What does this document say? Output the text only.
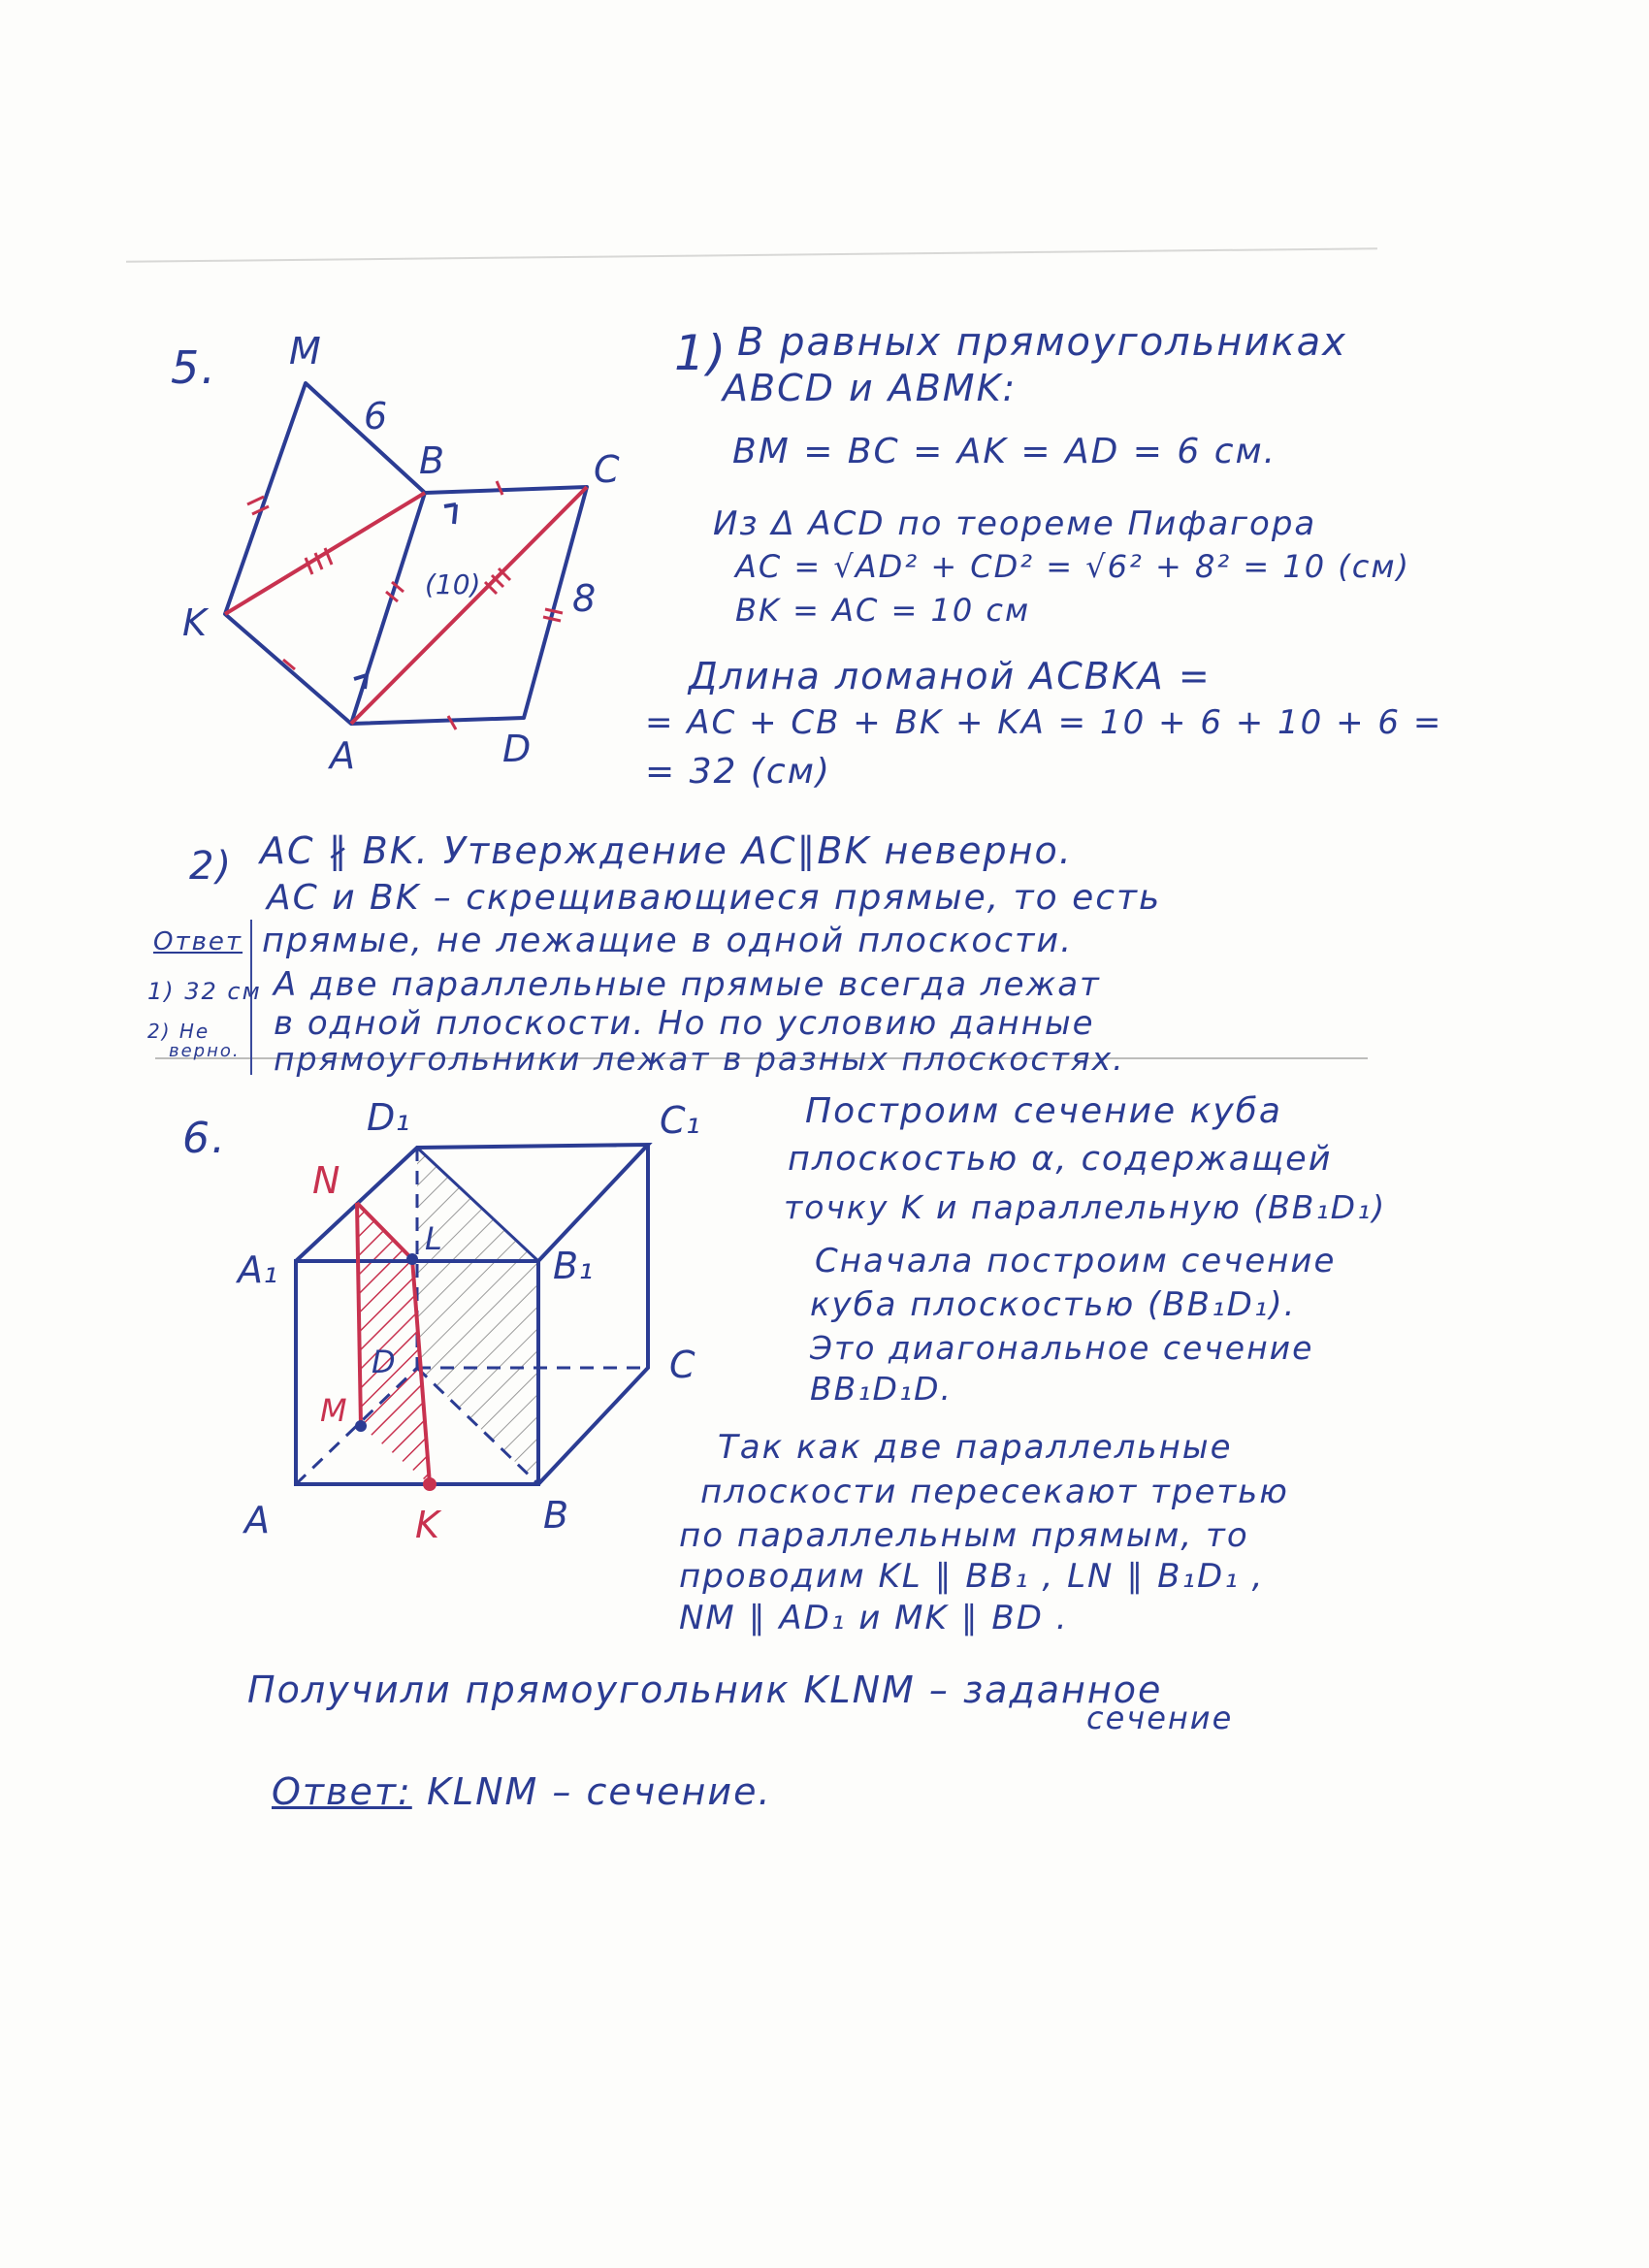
5. M
6
B	C
K
(10) 8
A	D
1) В равных прямоугольниках
ABCD и ABMK:
BM = BC = AK = AD = 6 см.
Из Δ ACD по теореме Пифагора
AC = √AD² + CD² = √6² + 8² = 10 (см)
BK = AC = 10 см
Длина ломаной ACBKA =
= AC + CB + BK + KA = 10 + 6 + 10 + 6 =
= 32 (см)
2) AC ∦ BK. Утверждение AC∥BK неверно.
AC и BK – скрещивающиеся прямые, то есть
прямые, не лежащие в одной плоскости.
А две параллельные прямые всегда лежат
в одной плоскости. Но по условию данные
прямоугольники лежат в разных плоскостях.
Ответ
1) 32 см
2) Не
верно.
6.	D₁	C₁
N
A₁
L
B₁
D	C
M
A	K	B
Построим сечение куба
плоскостью α, содержащей
точку K и параллельную (BB₁D₁)
Сначала построим сечение
куба плоскостью (BB₁D₁).
Это диагональное сечение
BB₁D₁D.
Так как две параллельные
плоскости пересекают третью
по параллельным прямым, то
проводим KL ∥ BB₁ , LN ∥ B₁D₁ ,
NM ∥ AD₁ и MK ∥ BD .
Получили прямоугольник KLNM – заданное
сечение
Ответ: KLNM – сечение.
